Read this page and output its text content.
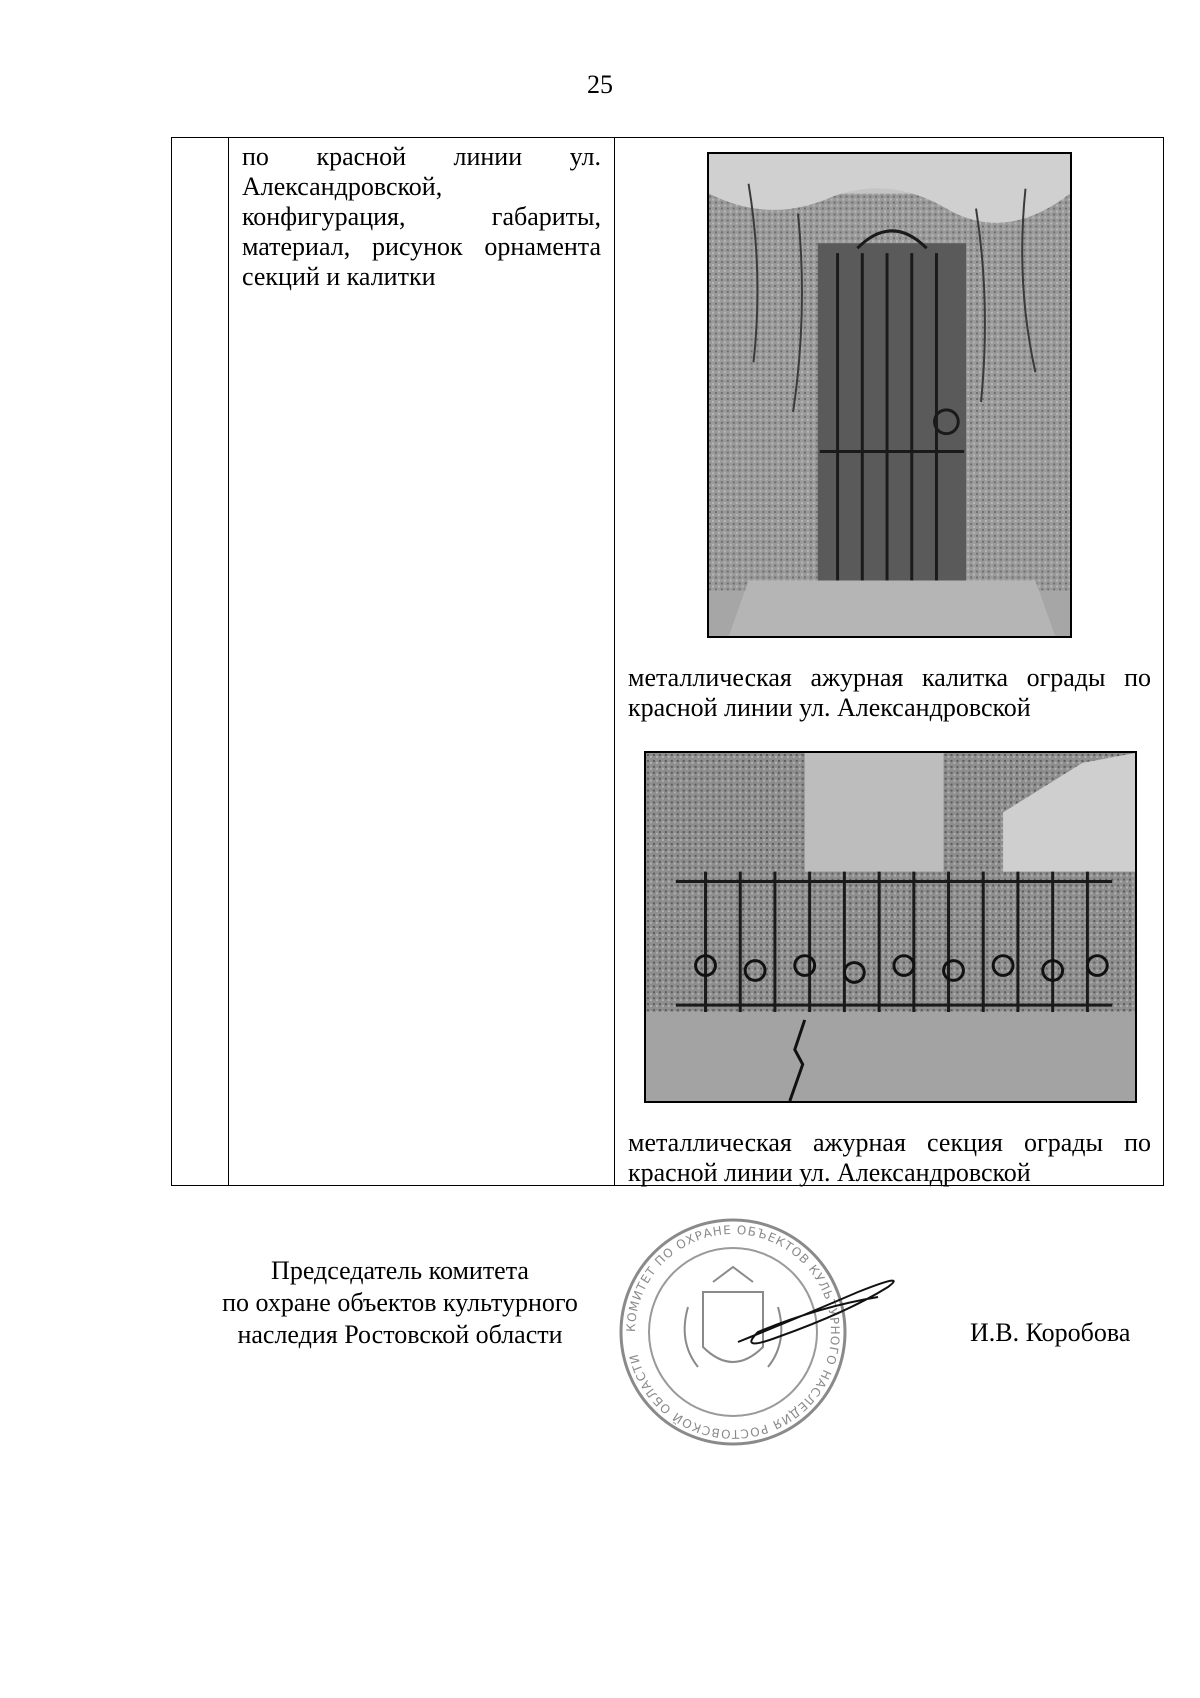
25

по красной линии ул. Александровской, конфигурация, габариты, материал, рисунок орнамента секций и калитки

металлическая ажурная калитка ограды по красной линии ул. Александровской
металлическая ажурная секция ограды по красной линии ул. Александровской
Председатель комитета
по охране объектов культурного
наследия Ростовской области	КОМИТЕТ ПО ОХРАНЕ ОБЪЕКТОВ КУЛЬТУРНОГО НАСЛЕДИЯ РОСТОВСКОЙ ОБЛАСТИ
И.В. Коробова
